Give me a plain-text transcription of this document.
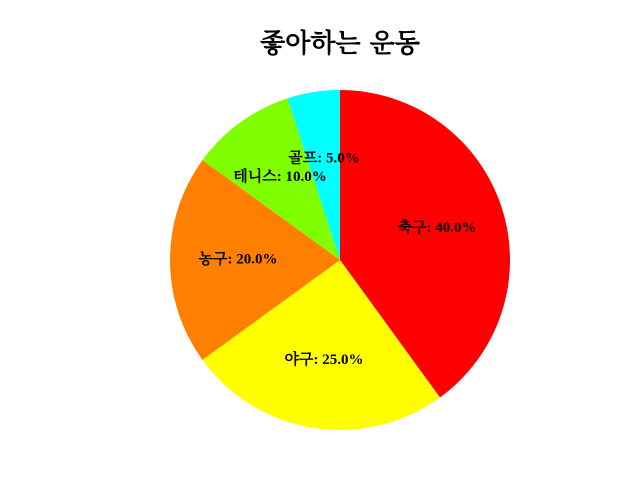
좋아하는 운동
축구: 40.0%
야구: 25.0%
농구: 20.0%
테니스: 10.0%
골프: 5.0%
